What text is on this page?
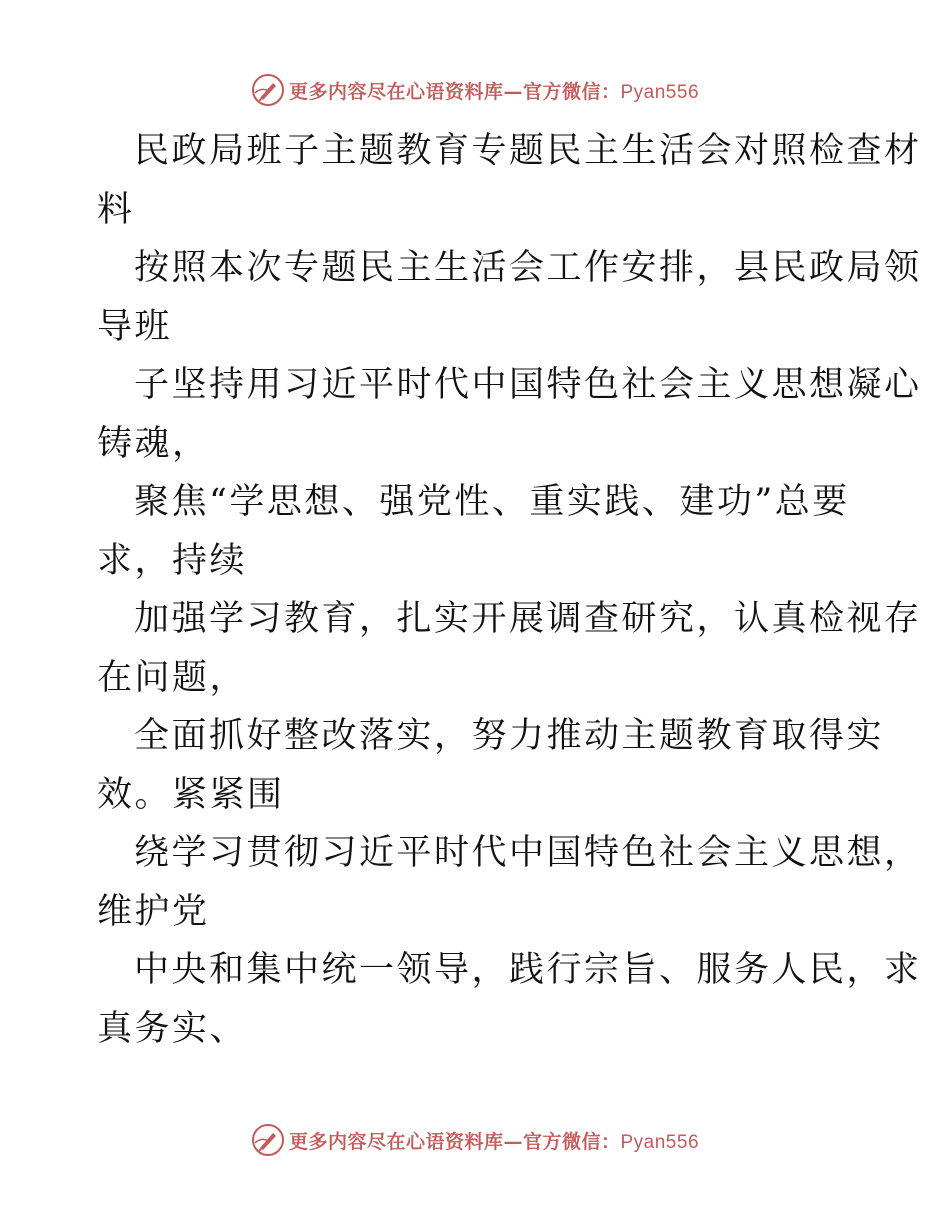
更多内容尽在心语资料库—官方微信：Pyan556

民政局班子主题教育专题民主生活会对照检查材
料

按照本次专题民主生活会工作安排，县民政局领
导班

子坚持用习近平时代中国特色社会主义思想凝心
铸魂，

聚焦“学思想、强党性、重实践、建功”总要
求，持续

加强学习教育，扎实开展调查研究，认真检视存
在问题，

全面抓好整改落实，努力推动主题教育取得实
效。紧紧围

绕学习贯彻习近平时代中国特色社会主义思想，
维护党

中央和集中统一领导，践行宗旨、服务人民，求
真务实、

更多内容尽在心语资料库—官方微信：Pyan556
